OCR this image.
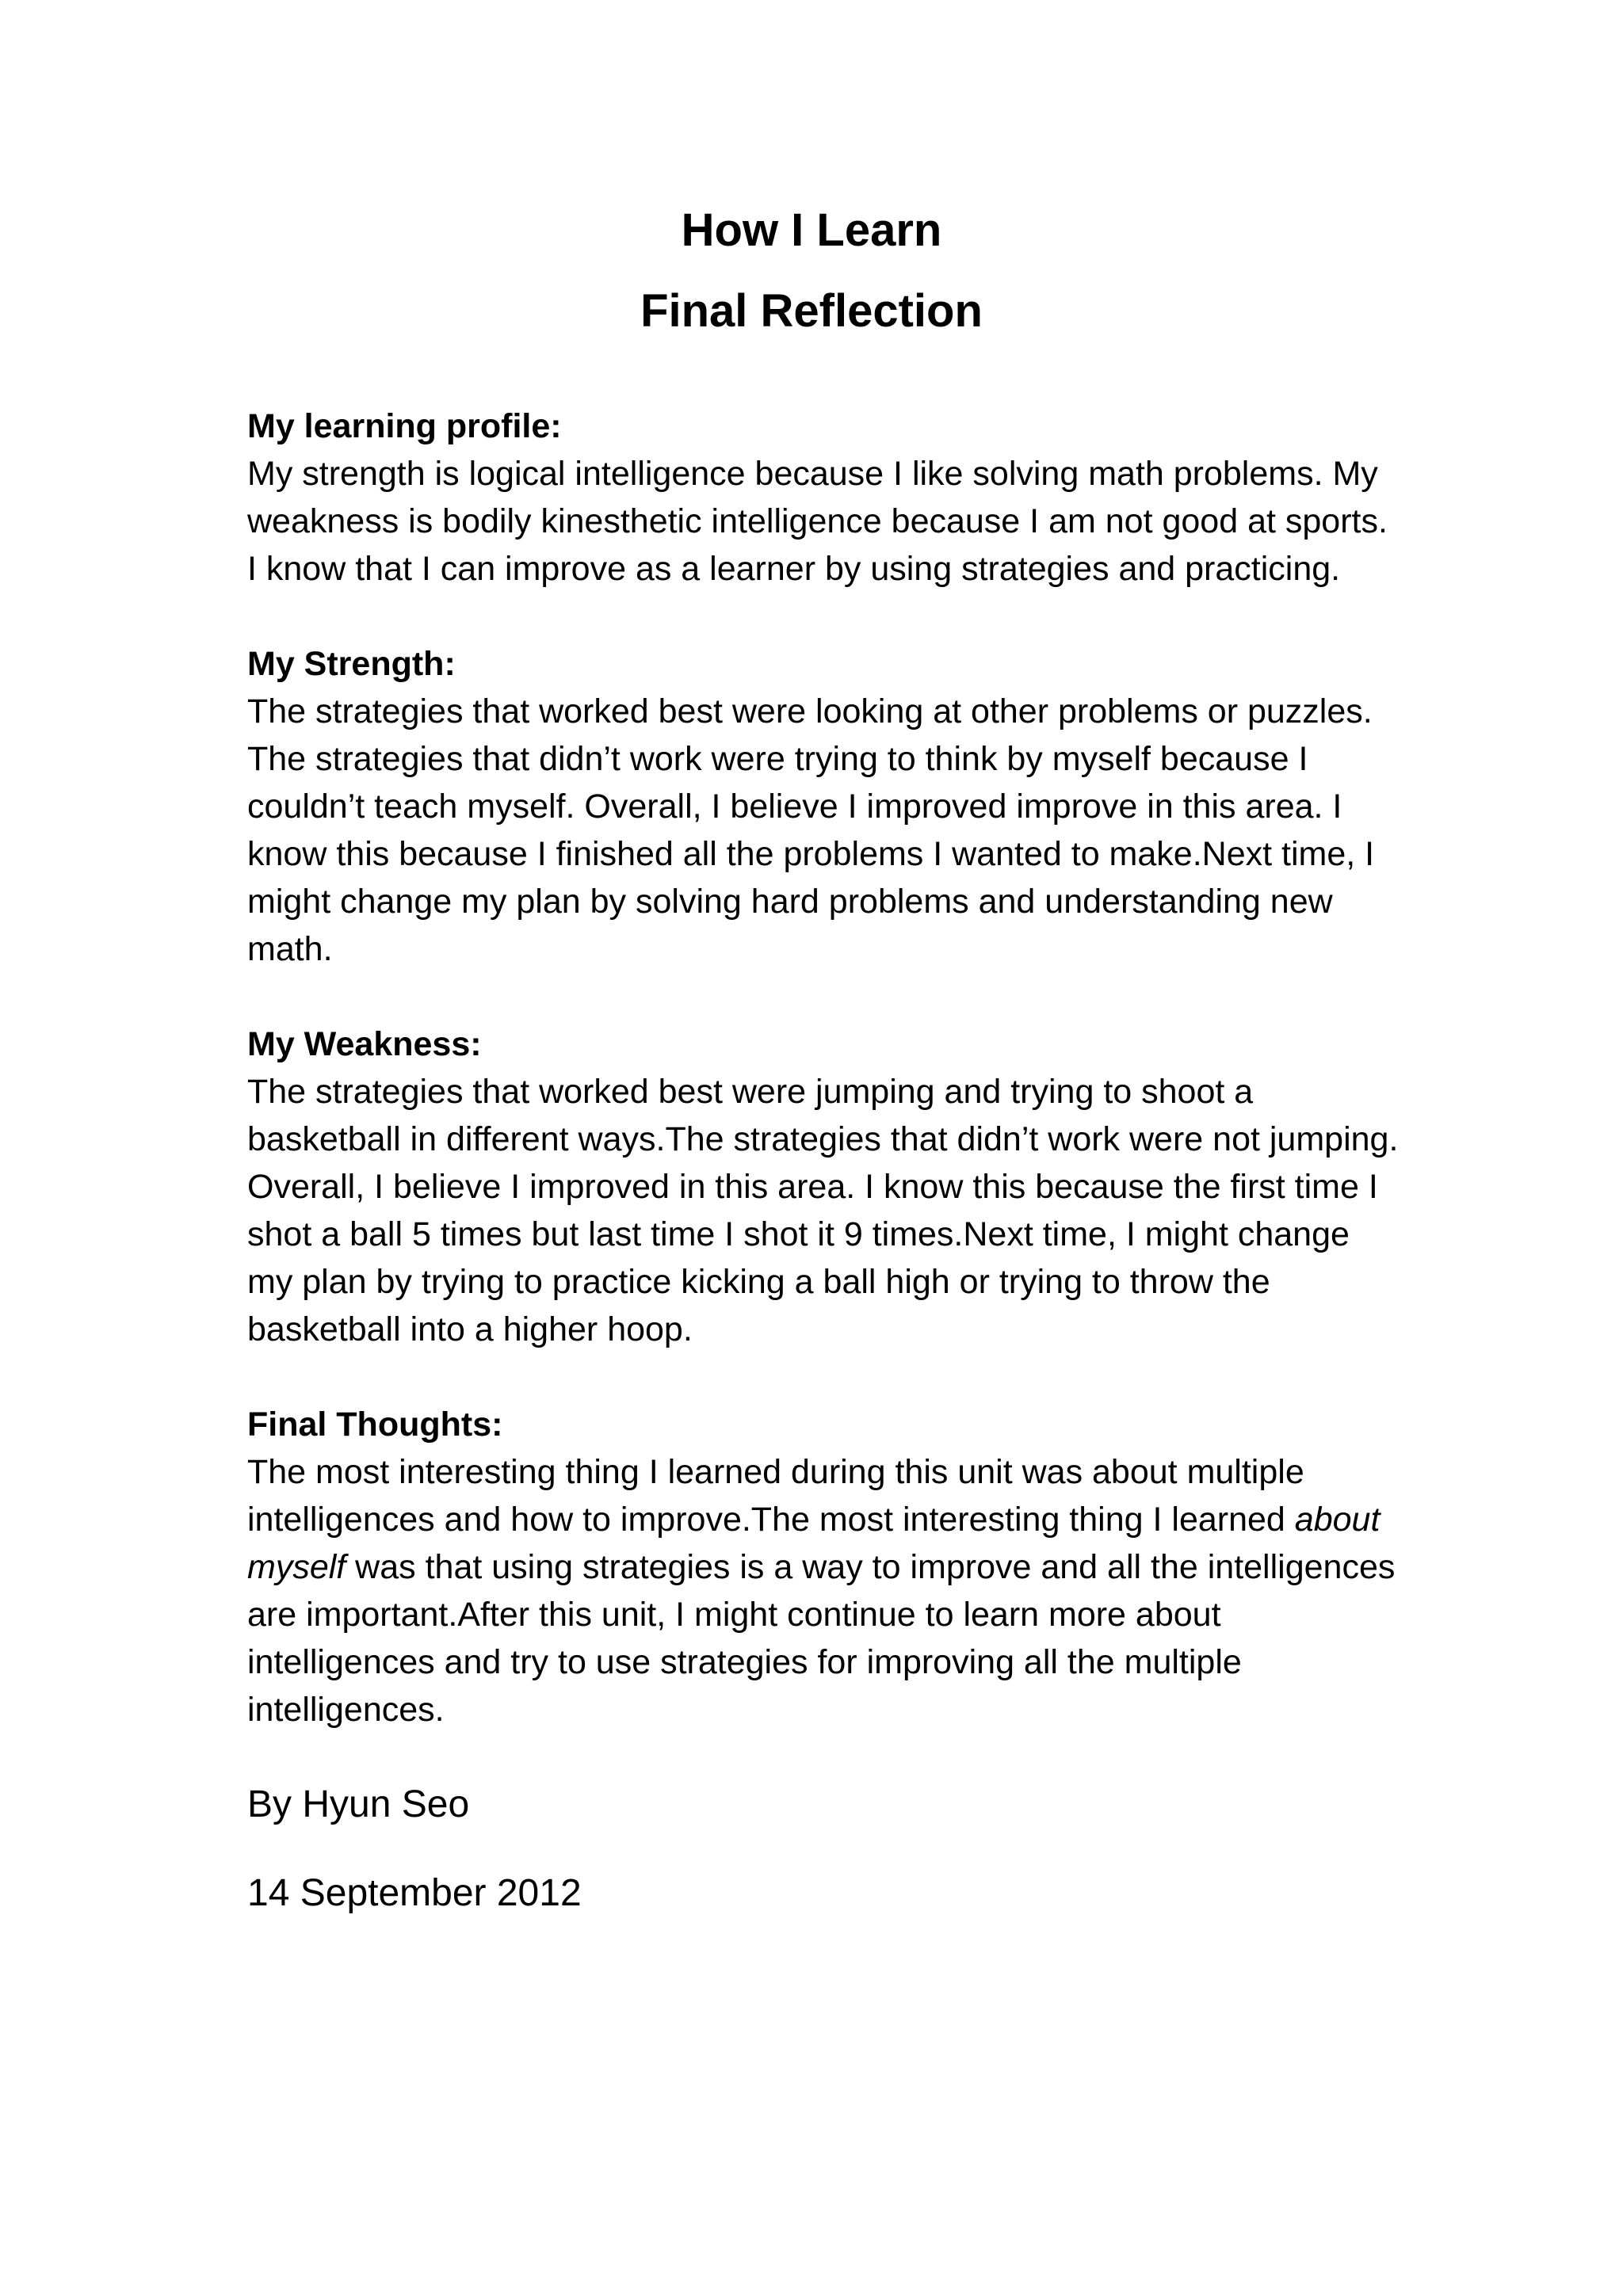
How I Learn

Final Reflection

My learning profile:

My strength is logical intelligence because I like solving math problems. My weakness is bodily kinesthetic intelligence because I am not good at sports. I know that I can improve as a learner by using strategies and practicing.

My Strength:

The strategies that worked best were looking at other problems or puzzles.

The strategies that didn’t work were trying to think by myself because I couldn’t teach myself. Overall, I believe I improved improve in this area. I know this because I finished all the problems I wanted to make.Next time, I might change my plan by solving hard problems and understanding new math.

My Weakness:

The strategies that worked best were jumping and trying to shoot a basketball in different ways.The strategies that didn’t work were not jumping. Overall, I believe I improved in this area. I know this because the first time I shot a ball 5 times but last time I shot it 9 times.Next time, I might change my plan by trying to practice kicking a ball high or trying to throw the basketball into a higher hoop.

Final Thoughts:

The most interesting thing I learned during this unit was about multiple intelligences and how to improve.The most interesting thing I learned about myself was that using strategies is a way to improve and all the intelligences are important.After this unit, I might continue to learn more about intelligences and try to use strategies for improving all the multiple intelligences.

By Hyun Seo

14 September 2012
